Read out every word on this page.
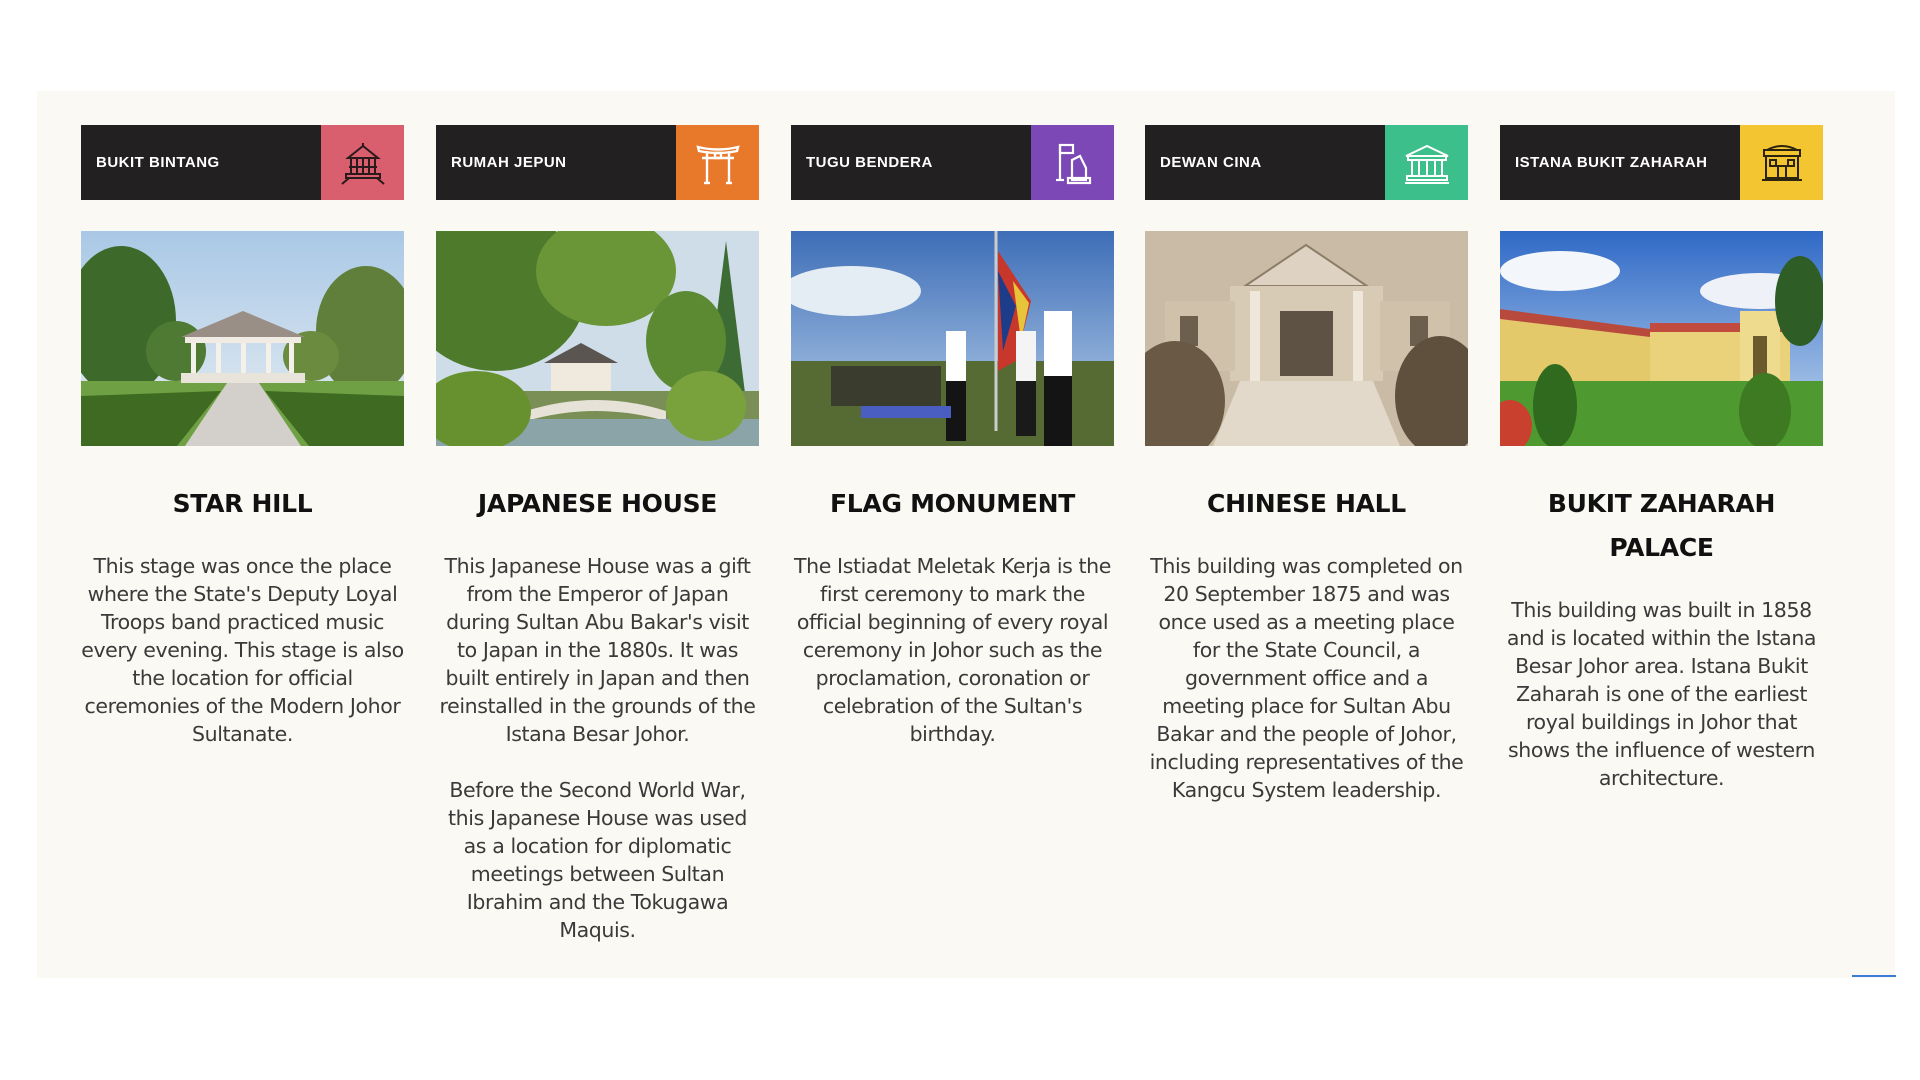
BUKIT BINTANG
STAR HILL
This stage was once the place where the State's Deputy Loyal Troops band practiced music every evening. This stage is also the location for official ceremonies of the Modern Johor Sultanate.
RUMAH JEPUN
JAPANESE HOUSE
This Japanese House was a gift from the Emperor of Japan during Sultan Abu Bakar's visit to Japan in the 1880s. It was built entirely in Japan and then reinstalled in the grounds of the Istana Besar Johor.
Before the Second World War, this Japanese House was used as a location for diplomatic meetings between Sultan Ibrahim and the Tokugawa Maquis.
TUGU BENDERA
FLAG MONUMENT
The Istiadat Meletak Kerja is the first ceremony to mark the official beginning of every royal ceremony in Johor such as the proclamation, coronation or celebration of the Sultan's birthday.
DEWAN CINA
CHINESE HALL
This building was completed on 20 September 1875 and was once used as a meeting place for the State Council, a government office and a meeting place for Sultan Abu Bakar and the people of Johor, including representatives of the Kangcu System leadership.
ISTANA BUKIT ZAHARAH
BUKIT ZAHARAH PALACE
This building was built in 1858 and is located within the Istana Besar Johor area. Istana Bukit Zaharah is one of the earliest royal buildings in Johor that shows the influence of western architecture.
